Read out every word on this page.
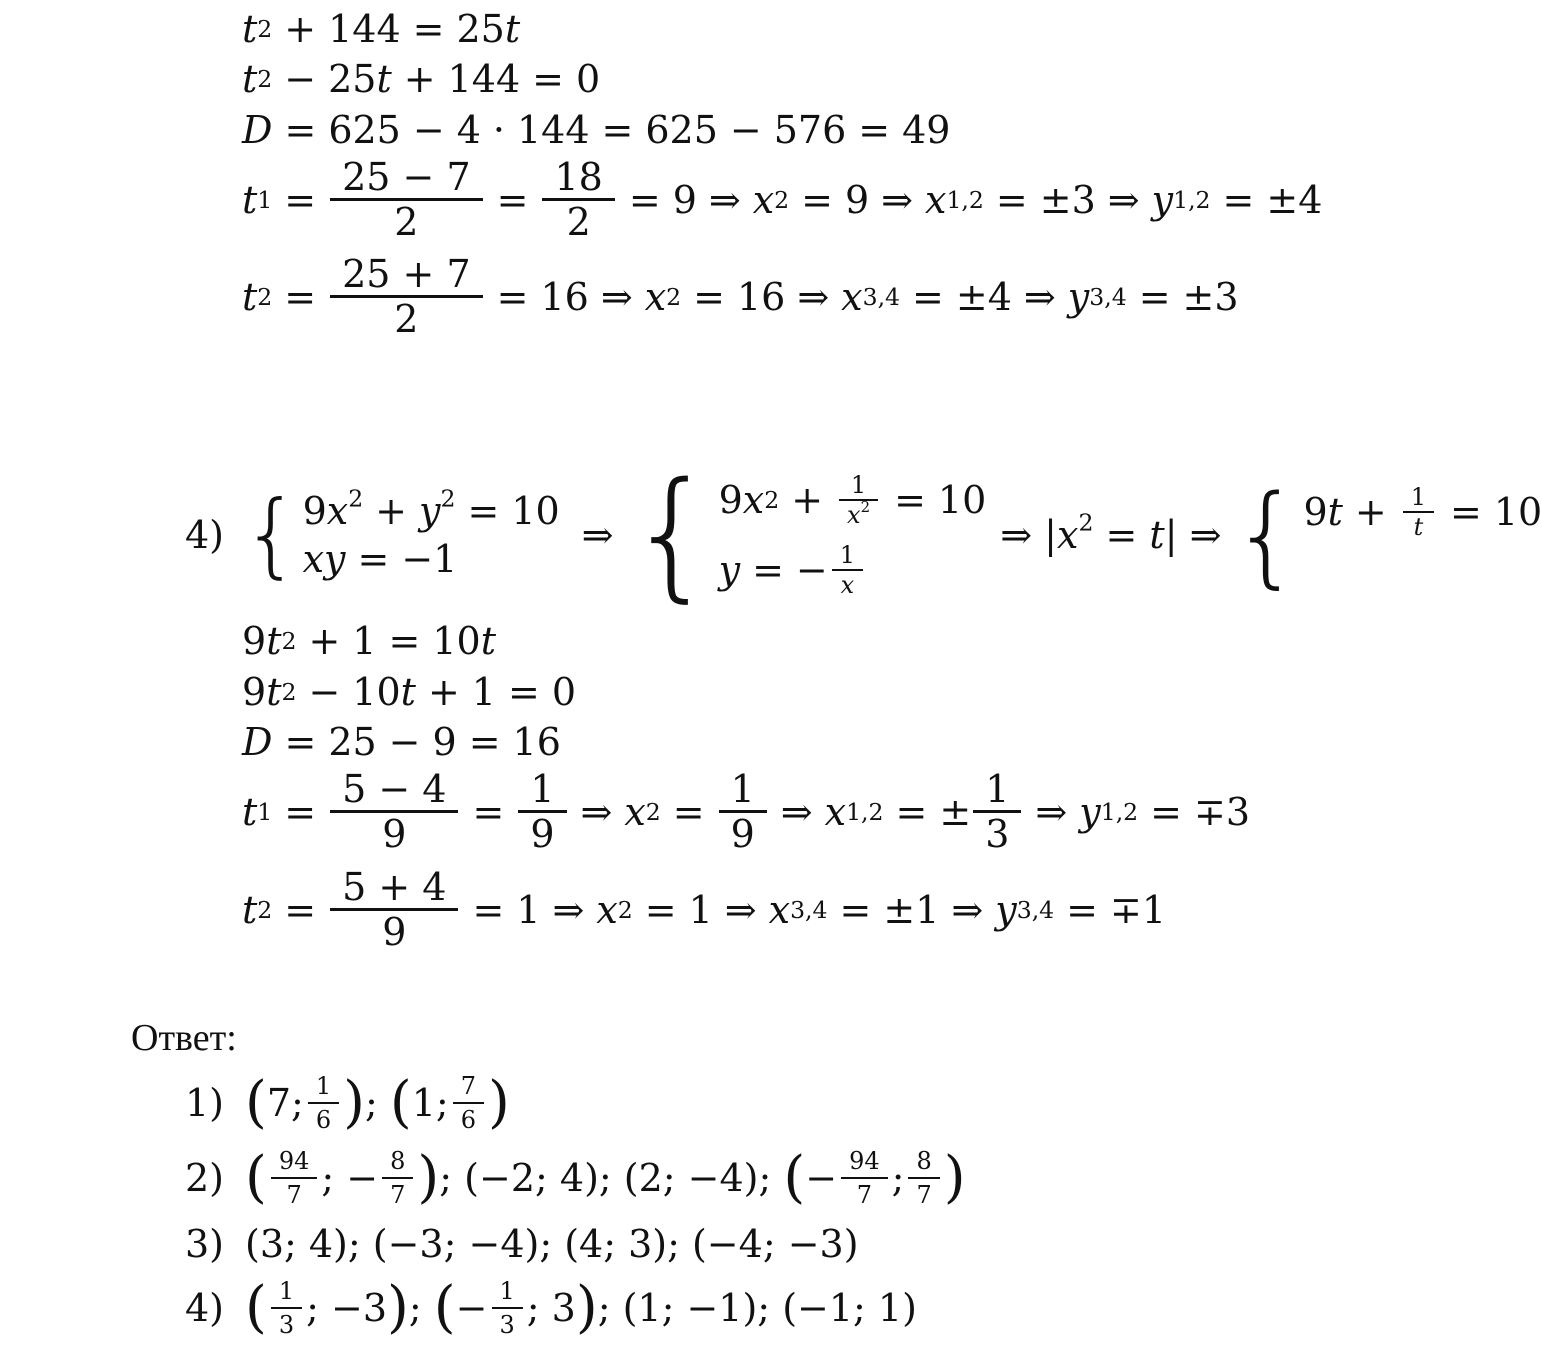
t 2 + 144 = 25 t
t 2 − 25 t + 144 = 0
D = 625 − 4 · 144 = 625 − 576 = 49
t $1 = \frac{25 - 7}{2} = \frac{18}{2} = 9$ ⇒ x 2 = 9 ⇒ x 1,2 = ±3 ⇒ y 1,2 = ±4
t $2 = \frac{25 + 7}{2} = 16$ ⇒ x 2 = 16 ⇒ x 3,4 = ±4 ⇒ y 3,4 = ±3
4) { $9x^2 + y^2 = 10$
xy = −1
⇒ { 9 x $2 + \frac{1}{x^2} = 10$
y = − $\frac{1}{x}$
⇒ $|x^2 = t|$ ⇒ { 9 $t + \frac{1}{t} = 10$
9 t 2 + 1 = 10 t
9 t 2 − 10 t + 1 = 0
D = 25 − 9 = 16
t $1 = \frac{5 - 4}{9} = \frac{1}{9}$ ⇒ x $2 = \frac{1}{9}$ ⇒ x 1,2 = ± $\frac{1}{3}$ ⇒ y 1,2 = ∓3
t $2 = \frac{5 + 4}{9} = 1$ ⇒ x 2 = 1 ⇒ x 3,4 = ±1 ⇒ y 3,4 = ∓1
Ответ:
1) ( 7; $\frac{1}{6}$ ) ; ( 1; $\frac{7}{6}$ )
2) ( $\frac{94}{7}$ ; − $\frac{8}{7}$ ) ; (−2; 4); (2; −4); ( − $\frac{94}{7}$ ; $\frac{8}{7}$ )
3) (3; 4); (−3; −4); (4; 3); (−4; −3)
4) ( $\frac{1}{3}$ ; −3 ) ; ( − $\frac{1}{3}$ ; 3 ) ; (1; −1); (−1; 1)
